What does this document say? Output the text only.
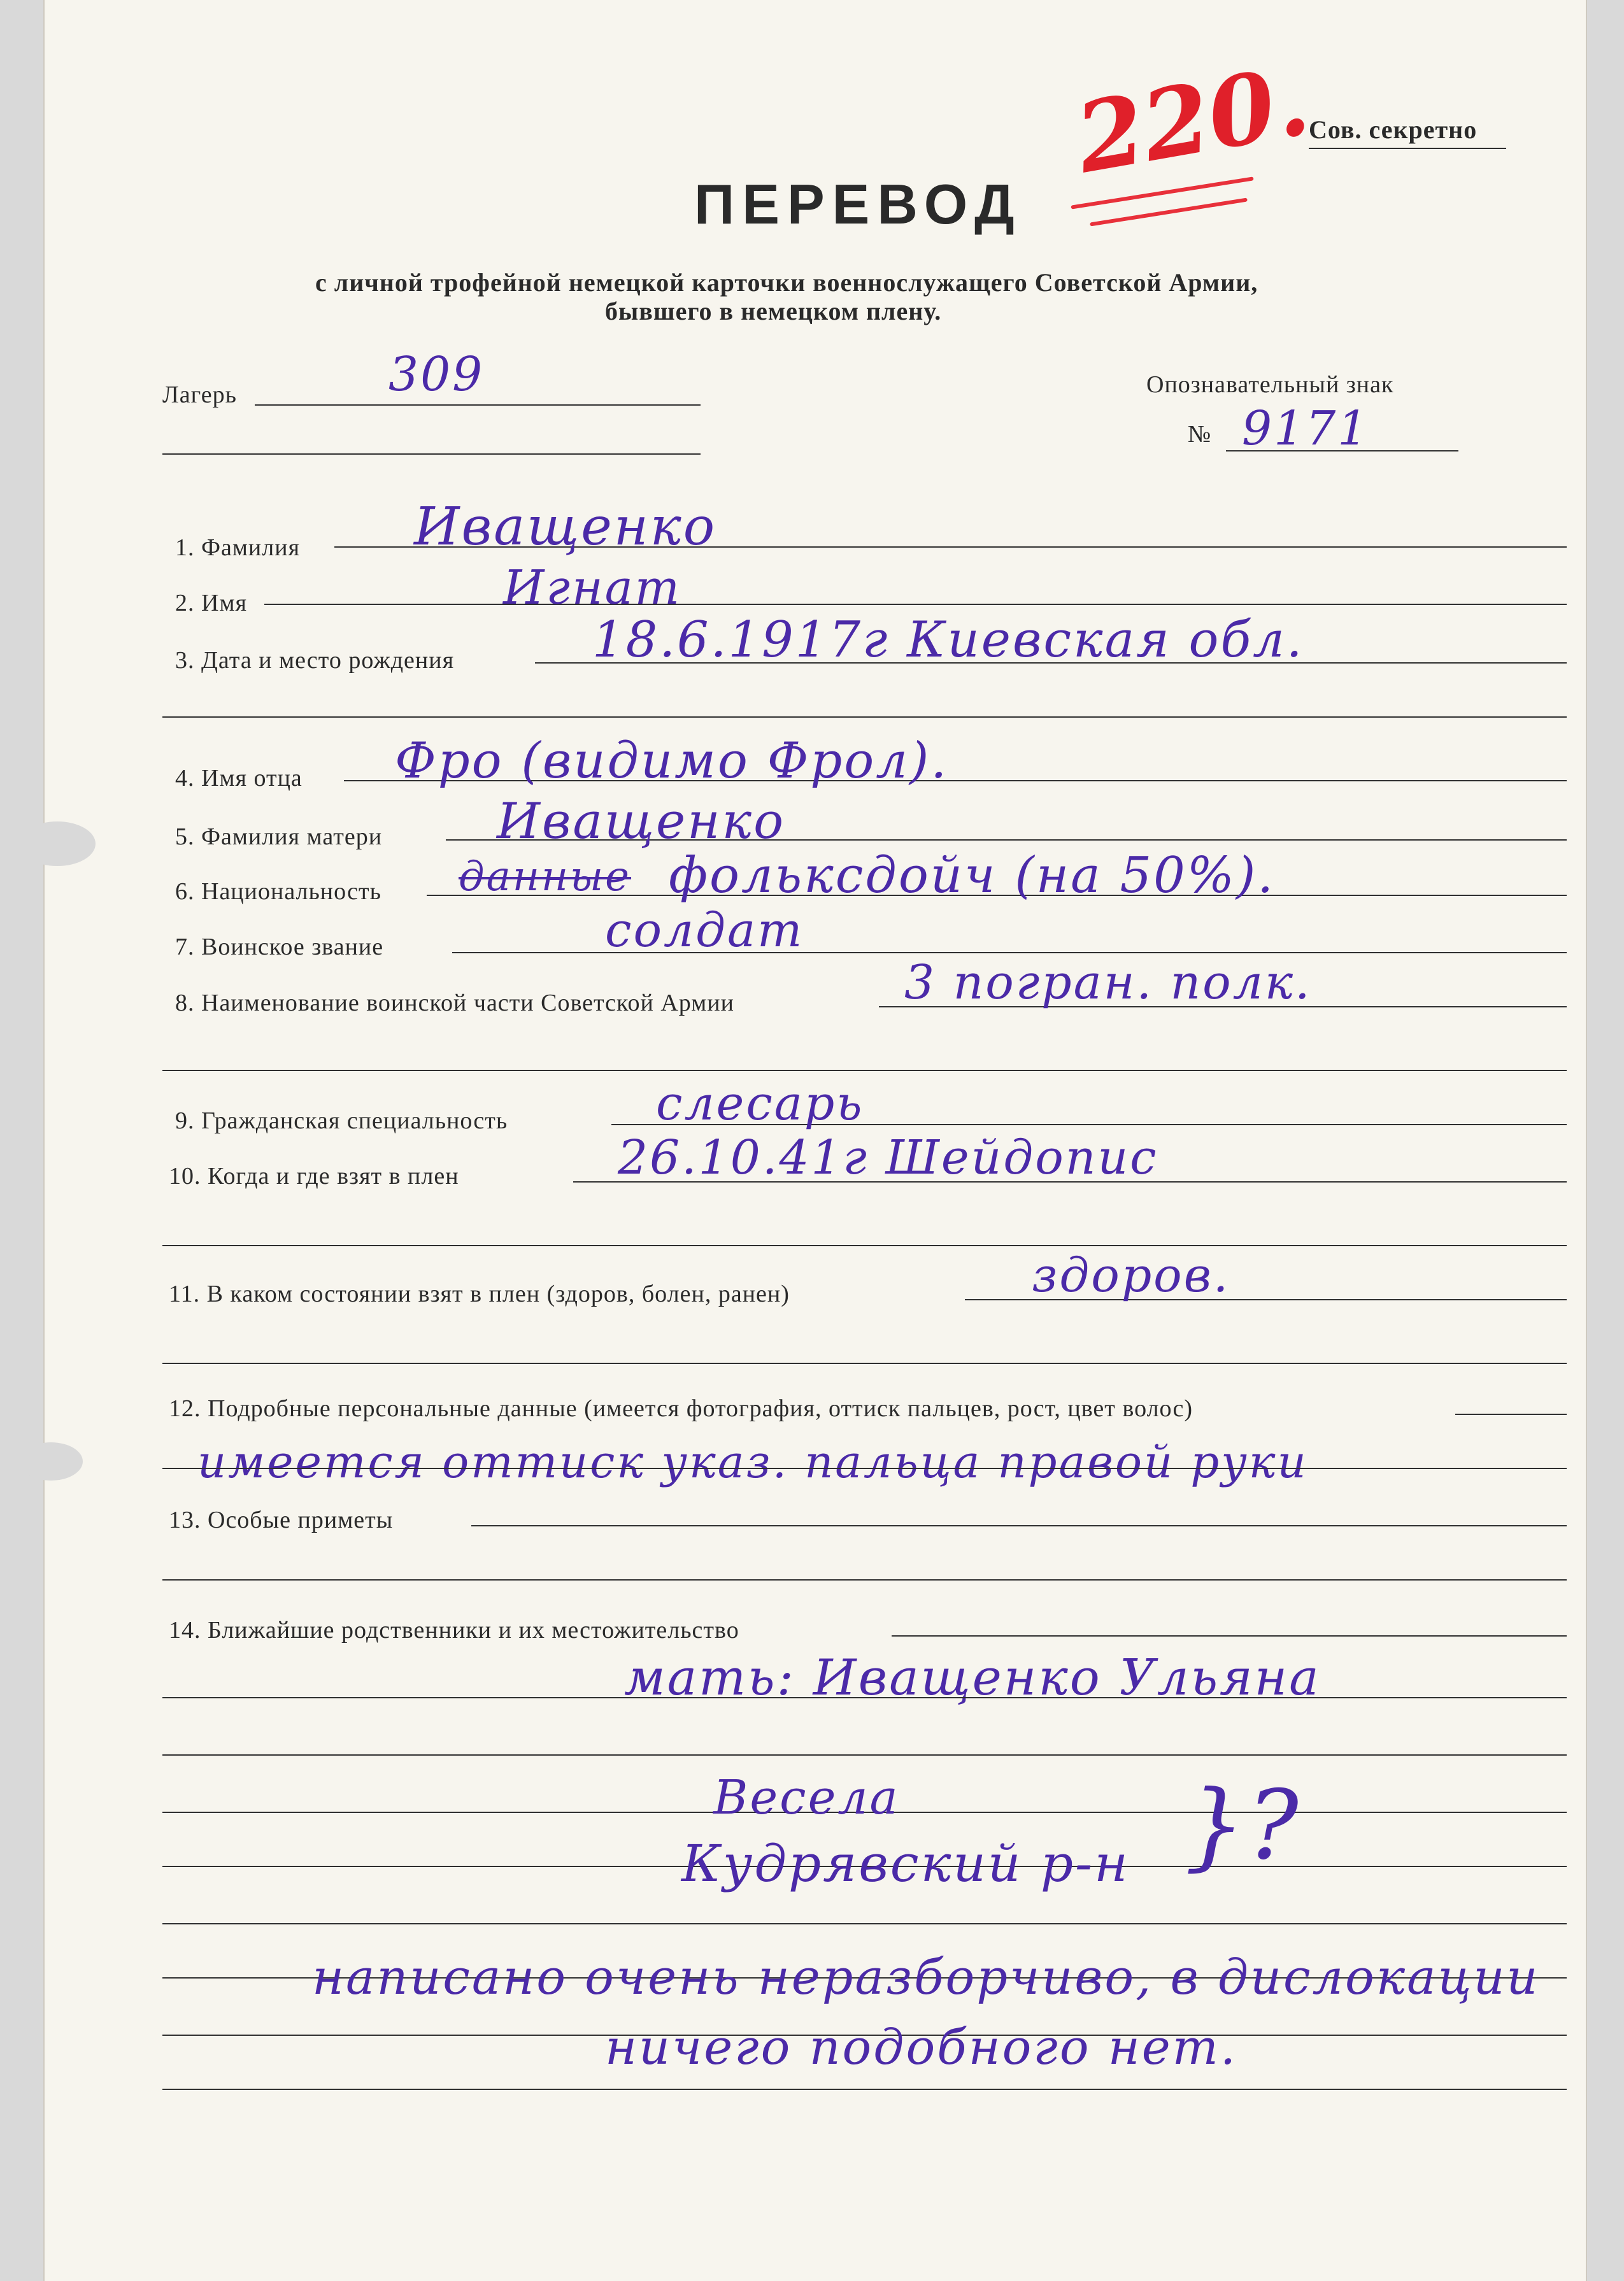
Сов. секретно
220.
ПЕРЕВОД
с личной трофейной немецкой карточки военнослужащего Советской Армии,
бывшего в немецком плену.
Лагерь	309	Опознавательный знак
№ 9171
1. Фамилия Иващенко
2. Имя	Игнат
3. Дата и место рождения	18.6.1917г Киевская обл.
4. Имя отца Фро (видимо Фрол).
5. Фамилия матери Иващенко
6. Национальность данные фольксдойч (на 50%).
7. Воинское звание	солдат
8. Наименование воинской части Советской Армии	3 погран. полк.
9. Гражданская специальность	слесарь
10. Когда и где взят в плен	26.10.41г Шейдопис
11. В каком состоянии взят в плен (здоров, болен, ранен)	здоров.
12. Подробные персональные данные (имеется фотография, оттиск пальцев, рост, цвет волос)
имеется оттиск указ. пальца правой руки
13. Особые приметы
14. Ближайшие родственники и их местожительство
мать: Иващенко Ульяна
Весела
Кудрявский р-н }?
написано очень неразборчиво, в дислокации
ничего подобного нет.
